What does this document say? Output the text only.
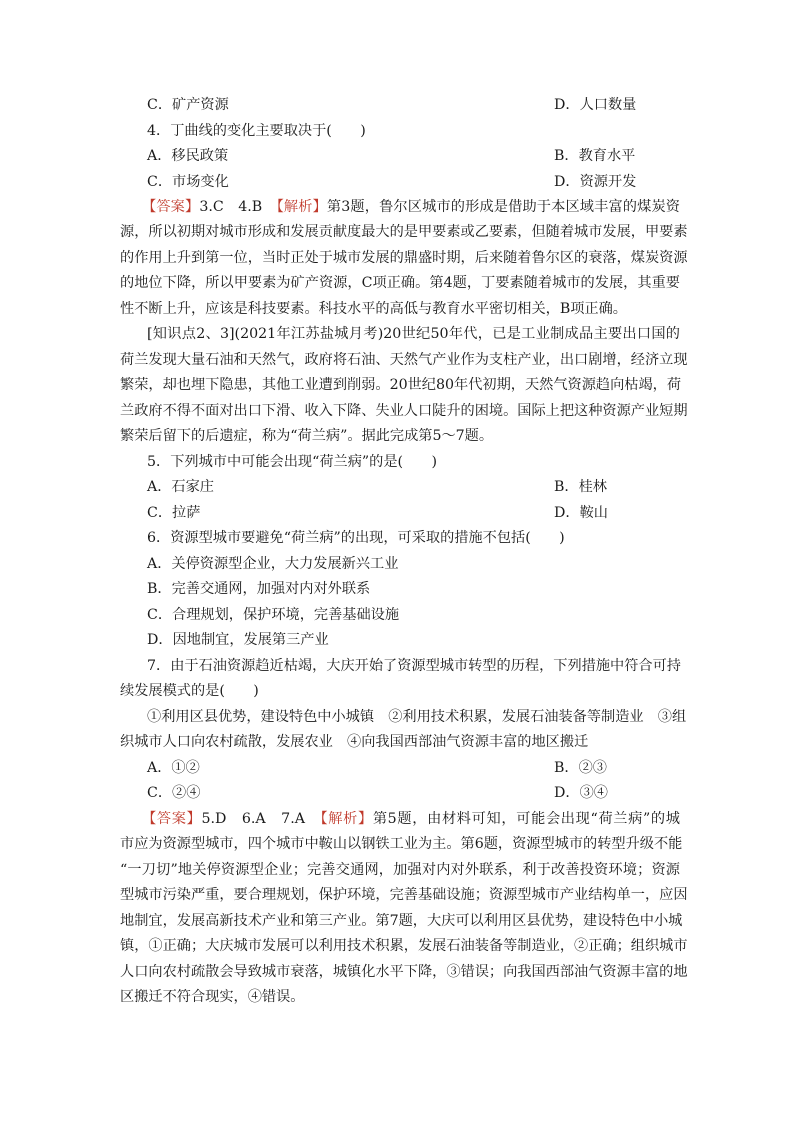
C．矿产资源	D．人口数量
4．丁曲线的变化主要取决于(　　)
A．移民政策	B．教育水平
C．市场变化	D．资源开发
【答案】3.C　4.B　【解析】第3题，鲁尔区城市的形成是借助于本区域丰富的煤炭资
源，所以初期对城市形成和发展贡献度最大的是甲要素或乙要素，但随着城市发展，甲要素
的作用上升到第一位，当时正处于城市发展的鼎盛时期，后来随着鲁尔区的衰落，煤炭资源
的地位下降，所以甲要素为矿产资源，C项正确。第4题，丁要素随着城市的发展，其重要
性不断上升，应该是科技要素。科技水平的高低与教育水平密切相关，B项正确。
[知识点2、3](2021年江苏盐城月考)20世纪50年代，已是工业制成品主要出口国的
荷兰发现大量石油和天然气，政府将石油、天然气产业作为支柱产业，出口剧增，经济立现
繁荣，却也埋下隐患，其他工业遭到削弱。20世纪80年代初期，天然气资源趋向枯竭，荷
兰政府不得不面对出口下滑、收入下降、失业人口陡升的困境。国际上把这种资源产业短期
繁荣后留下的后遗症，称为“荷兰病”。据此完成第5～7题。
5．下列城市中可能会出现“荷兰病”的是(　　)
A．石家庄	B．桂林
C．拉萨	D．鞍山
6．资源型城市要避免“荷兰病”的出现，可采取的措施不包括(　　)
A．关停资源型企业，大力发展新兴工业
B．完善交通网，加强对内对外联系
C．合理规划，保护环境，完善基础设施
D．因地制宜，发展第三产业
7．由于石油资源趋近枯竭，大庆开始了资源型城市转型的历程，下列措施中符合可持
续发展模式的是(　　)
①利用区县优势，建设特色中小城镇　②利用技术积累，发展石油装备等制造业　③组
织城市人口向农村疏散，发展农业　④向我国西部油气资源丰富的地区搬迁
A．①②	B．②③
C．②④	D．③④
【答案】5.D　6.A　7.A　【解析】第5题，由材料可知，可能会出现“荷兰病”的城
市应为资源型城市，四个城市中鞍山以钢铁工业为主。第6题，资源型城市的转型升级不能
“一刀切”地关停资源型企业；完善交通网，加强对内对外联系，利于改善投资环境；资源
型城市污染严重，要合理规划，保护环境，完善基础设施；资源型城市产业结构单一，应因
地制宜，发展高新技术产业和第三产业。第7题，大庆可以利用区县优势，建设特色中小城
镇，①正确；大庆城市发展可以利用技术积累，发展石油装备等制造业，②正确；组织城市
人口向农村疏散会导致城市衰落，城镇化水平下降，③错误；向我国西部油气资源丰富的地
区搬迁不符合现实，④错误。
